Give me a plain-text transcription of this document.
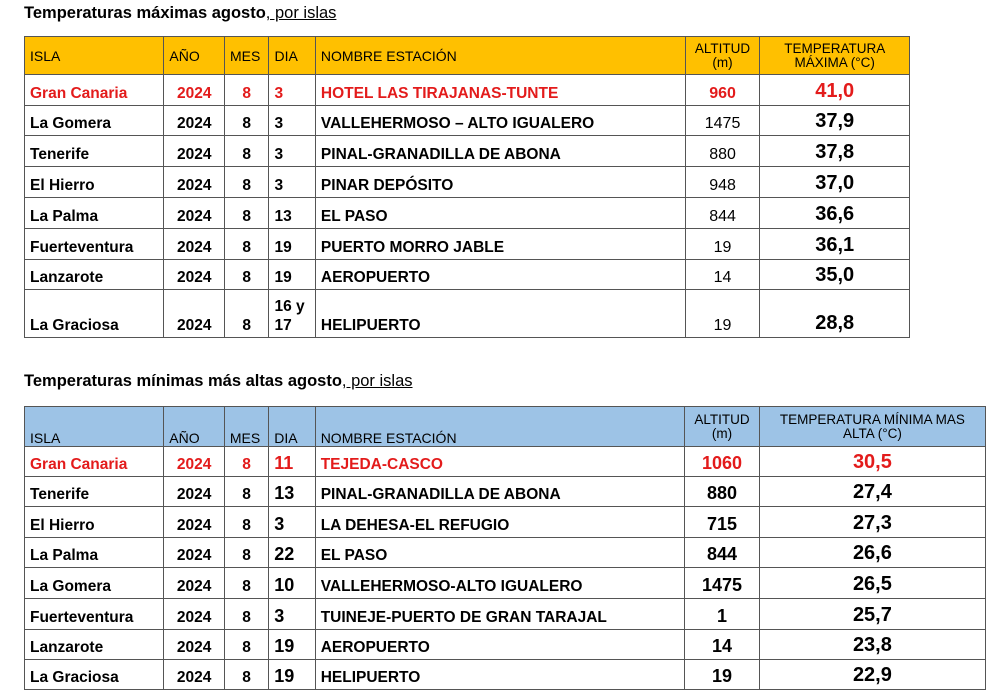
Temperaturas máximas agosto, por islas
ISLA	AÑO	MES	DIA	NOMBRE ESTACIÓN	ALTITUD (m)	TEMPERATURA MÁXIMA (°C)
Gran Canaria	2024	8	3	HOTEL LAS TIRAJANAS-TUNTE	960	41,0
La Gomera	2024	8	3	VALLEHERMOSO – ALTO IGUALERO	1475	37,9
Tenerife	2024	8	3	PINAL-GRANADILLA DE ABONA	880	37,8
El Hierro	2024	8	3	PINAR DEPÓSITO	948	37,0
La Palma	2024	8	13	EL PASO	844	36,6
Fuerteventura	2024	8	19	PUERTO MORRO JABLE	19	36,1
Lanzarote	2024	8	19	AEROPUERTO	14	35,0
La Graciosa	2024	8	16 y 17	HELIPUERTO	19	28,8
Temperaturas mínimas más altas agosto, por islas
ISLA	AÑO	MES	DIA	NOMBRE ESTACIÓN	ALTITUD (m)	TEMPERATURA MÍNIMA MAS ALTA (°C)
Gran Canaria	2024	8	11	TEJEDA-CASCO	1060	30,5
Tenerife	2024	8	13	PINAL-GRANADILLA DE ABONA	880	27,4
El Hierro	2024	8	3	LA DEHESA-EL REFUGIO	715	27,3
La Palma	2024	8	22	EL PASO	844	26,6
La Gomera	2024	8	10	VALLEHERMOSO-ALTO IGUALERO	1475	26,5
Fuerteventura	2024	8	3	TUINEJE-PUERTO DE GRAN TARAJAL	1	25,7
Lanzarote	2024	8	19	AEROPUERTO	14	23,8
La Graciosa	2024	8	19	HELIPUERTO	19	22,9
